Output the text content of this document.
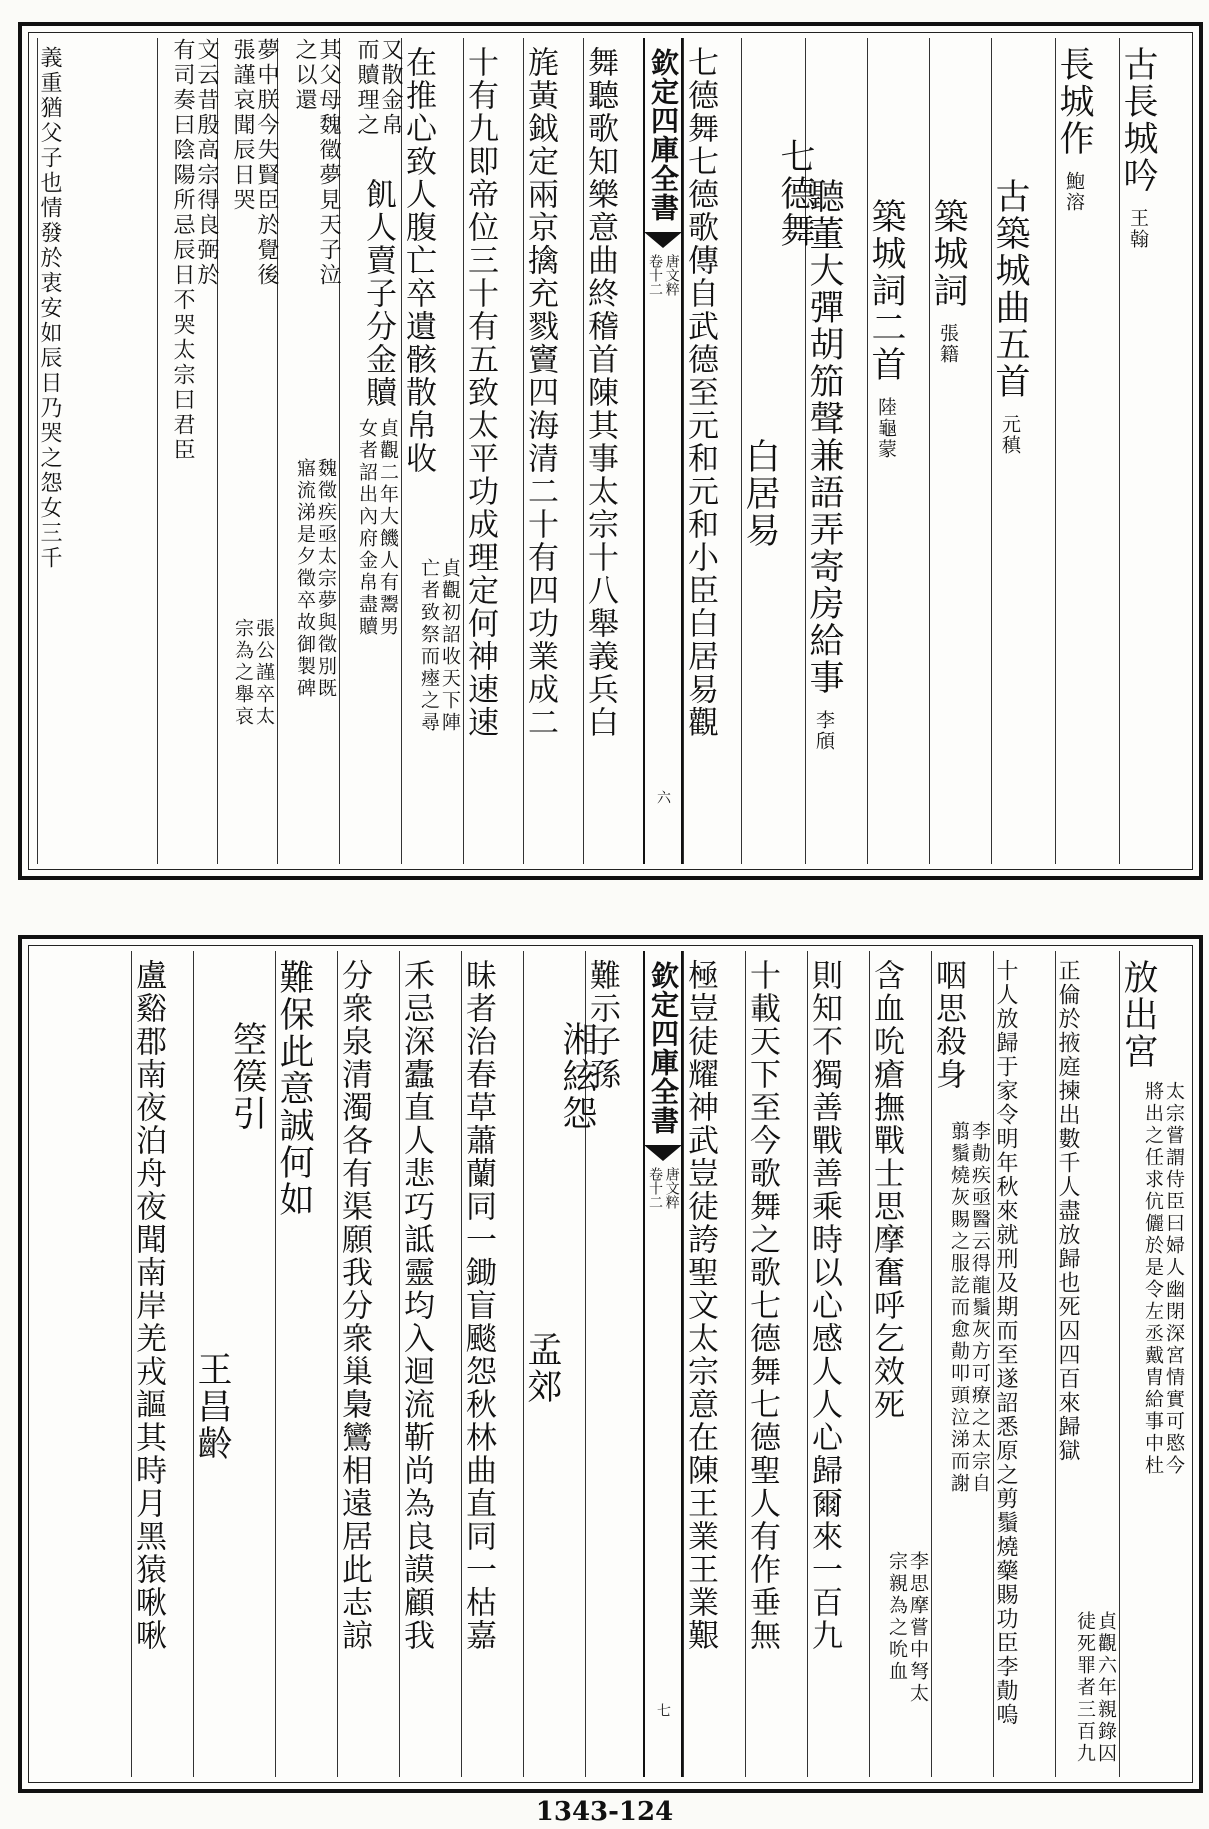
古長城吟王翰
長城作鮑溶
古築城曲五首元稹
築城詞張籍
築城詞二首陸龜蒙
聽董大彈胡笳聲兼語弄寄房給事李頎
七德舞
白居易
七德舞七德歌傳自武德至元和元和小臣白居易觀
欽定四庫全書
唐文粹
卷十二
六
舞聽歌知樂意曲終稽首陳其事太宗十八舉義兵白
旄黃鉞定兩京擒充戮竇四海清二十有四功業成二
十有九即帝位三十有五致太平功成理定何神速速
在推心致人腹亡卒遺骸散帛收
貞觀初詔收天下陣
亡者致祭而瘞之尋
又散金帛
而贖理之
飢人賣子分金贖
貞觀二年大饑人有鬻男
女者詔出內府金帛盡贖
其父母魏徵夢見天子泣
之以還
魏徵疾亟太宗夢與徵別既
寤流涕是夕徵卒故御製碑
夢中朕今失賢臣於覺後
張謹哀聞辰日哭
張公謹卒太
宗為之舉哀
文云昔殷高宗得良弼於
有司奏曰陰陽所忌辰日不哭太宗曰君臣
義重猶父子也情發於衷安如辰日乃哭之怨女三千
放出宮
太宗嘗謂侍臣曰婦人幽閉深宮情實可愍今
將出之任求伉儷於是令左丞戴胄給事中杜
正倫於掖庭揀出數千人盡放歸也死囚四百來歸獄
貞觀六年親錄囚
徒死罪者三百九
十人放歸于家令明年秋來就刑及期而至遂詔悉原之剪鬚燒藥賜功臣李勣嗚
咽思殺身
李勣疾亟醫云得龍鬚灰方可療之太宗自
翦鬚燒灰賜之服訖而愈勣叩頭泣涕而謝
含血吮瘡撫戰士思摩奮呼乞效死
李思摩嘗中弩太
宗親為之吮血
則知不獨善戰善乘時以心感人人心歸爾來一百九
十載天下至今歌舞之歌七德舞七德聖人有作垂無
極豈徒耀神武豈徒誇聖文太宗意在陳王業王業艱
欽定四庫全書
唐文粹
卷十二
七
難示子孫
湘絃怨
孟郊
昧者治春草蕭蘭同一鋤盲颷怨秋林曲直同一枯嘉
禾忌深蠹直人悲巧詆靈均入迴流靳尚為良謨顧我
分衆泉清濁各有渠願我分衆巢梟鸞相遠居此志諒
難保此意誠何如
箜篌引
王昌齡
盧谿郡南夜泊舟夜聞南岸羌戎謳其時月黑猿啾啾
1343-124
